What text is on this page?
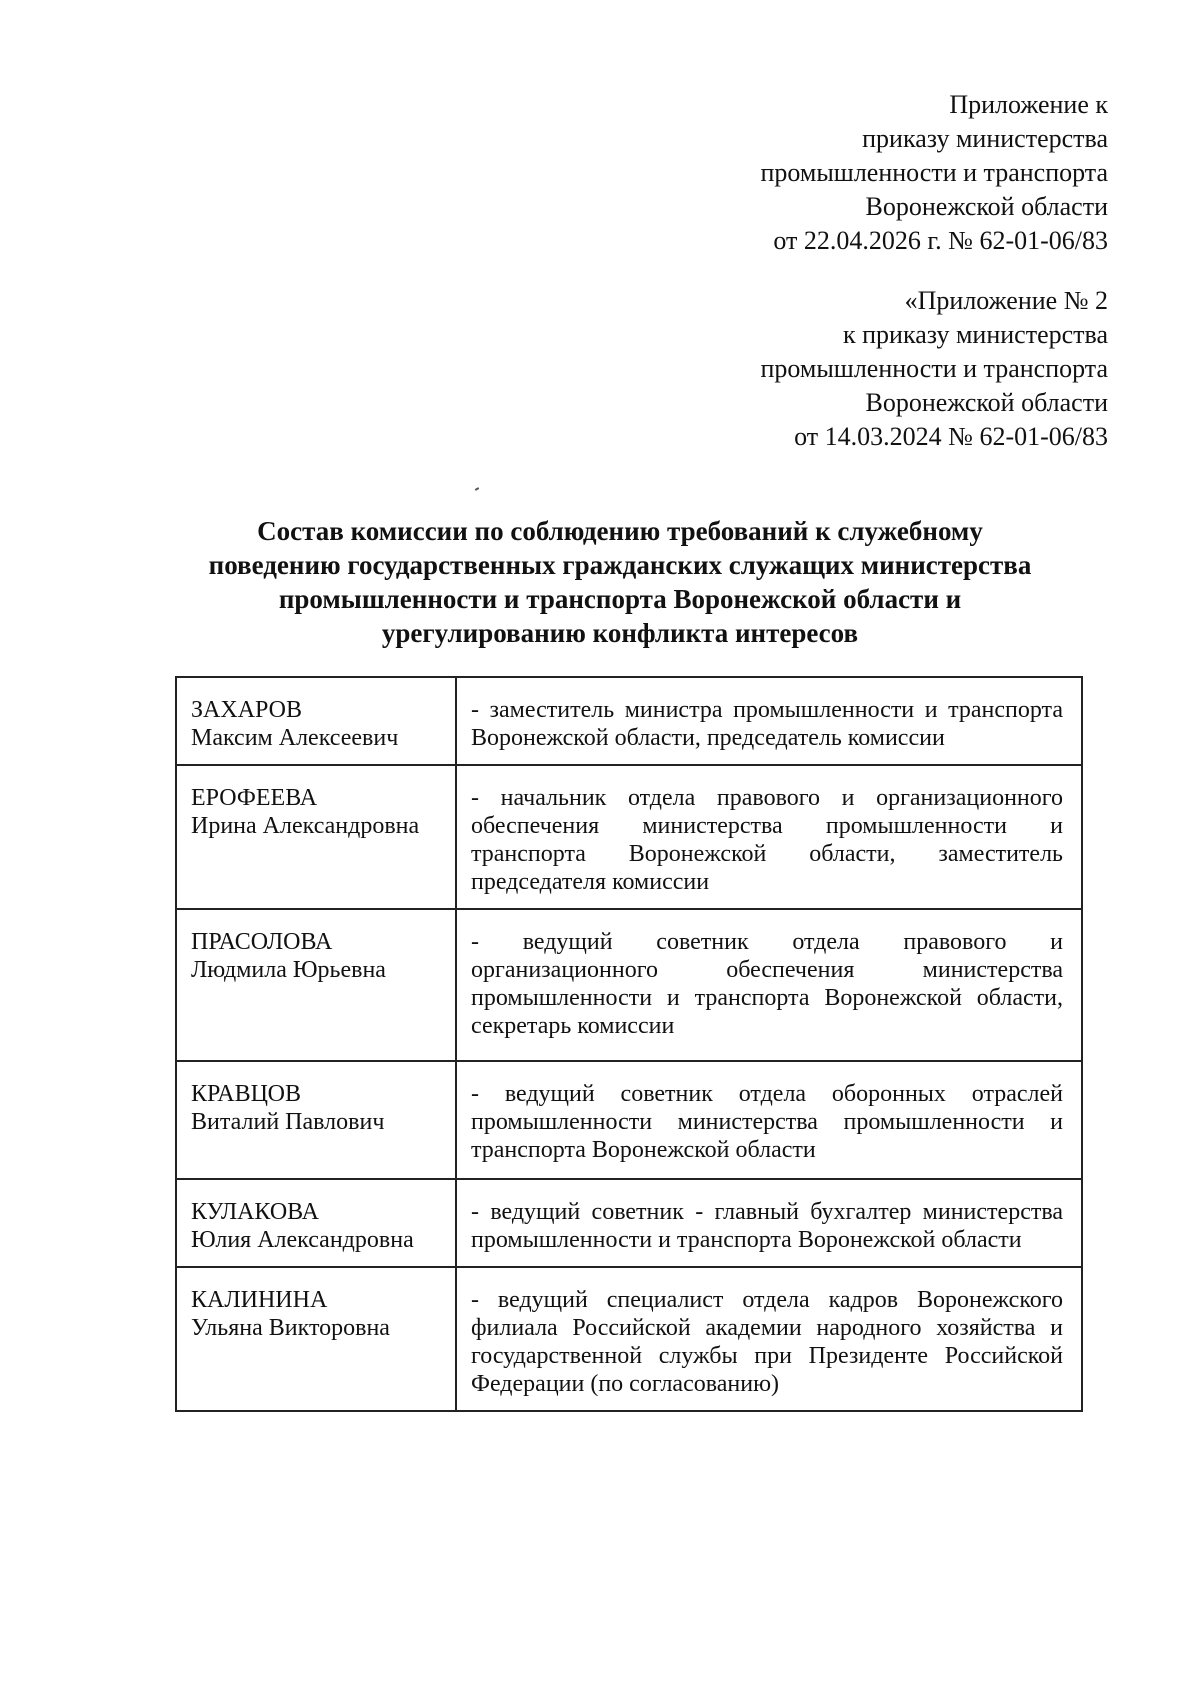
Приложение к
приказу министерства
промышленности и транспорта
Воронежской области
от 22.04.2026 г. № 62-01-06/83
«Приложение № 2
к приказу министерства
промышленности и транспорта
Воронежской области
от 14.03.2024 № 62-01-06/83
Состав комиссии по соблюдению требований к служебному
поведению государственных гражданских служащих министерства
промышленности и транспорта Воронежской области и
урегулированию конфликта интересов
ЗАХАРОВ
Максим Алексеевич	- заместитель министра промышленности и транспорта Воронежской области, председатель комиссии

ЕРОФЕЕВА
Ирина Александровна	- начальник отдела правового и организационного обеспечения министерства промышленности и транспорта Воронежской области, заместитель председателя комиссии

ПРАСОЛОВА
Людмила Юрьевна	- ведущий советник отдела правового и организационного обеспечения министерства промышленности и транспорта Воронежской области, секретарь комиссии

КРАВЦОВ
Виталий Павлович	- ведущий советник отдела оборонных отраслей промышленности министерства промышленности и транспорта Воронежской области

КУЛАКОВА
Юлия Александровна	- ведущий советник - главный бухгалтер министерства промышленности и транспорта Воронежской области

КАЛИНИНА
Ульяна Викторовна	- ведущий специалист отдела кадров Воронежского филиала Российской академии народного хозяйства и государственной службы при Президенте Российской Федерации (по согласованию)
